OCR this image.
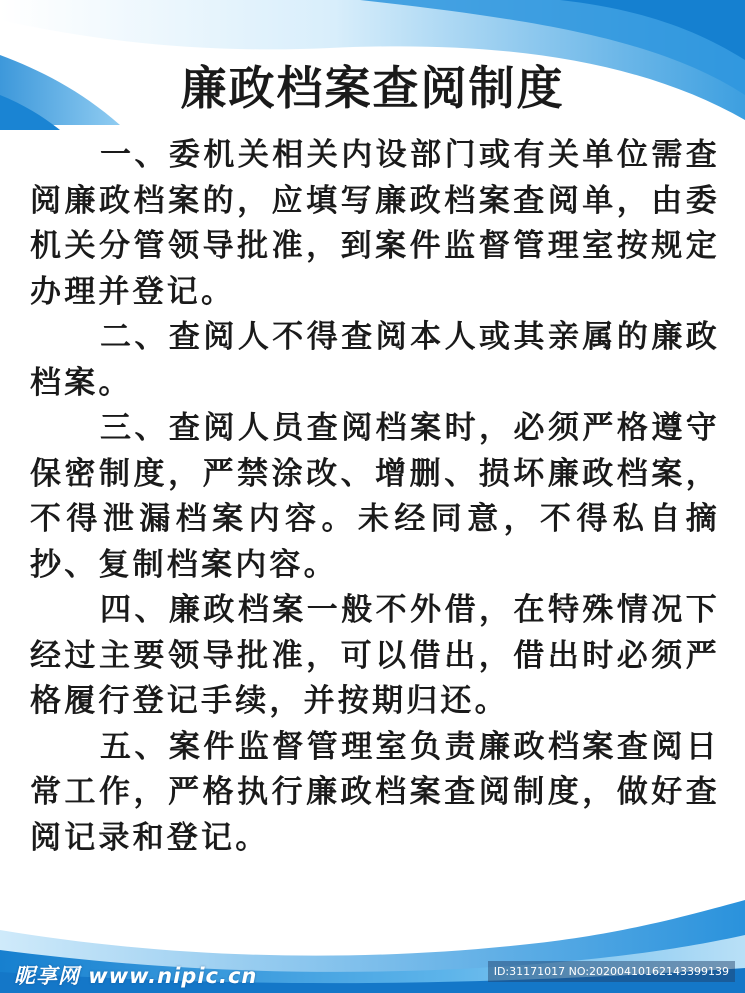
廉政档案查阅制度

一、委机关相关内设部门或有关单位需查阅廉政档案的，应填写廉政档案查阅单，由委机关分管领导批准，到案件监督管理室按规定办理并登记。

二、查阅人不得查阅本人或其亲属的廉政档案。

三、查阅人员查阅档案时，必须严格遵守保密制度，严禁涂改、增删、损坏廉政档案，不得泄漏档案内容。未经同意，不得私自摘抄、复制档案内容。

四、廉政档案一般不外借，在特殊情况下经过主要领导批准，可以借出，借出时必须严格履行登记手续，并按期归还。

五、案件监督管理室负责廉政档案查阅日常工作，严格执行廉政档案查阅制度，做好查阅记录和登记。

昵享网 www.nipic.cn	ID:31171017 NO:20200410162143399139
